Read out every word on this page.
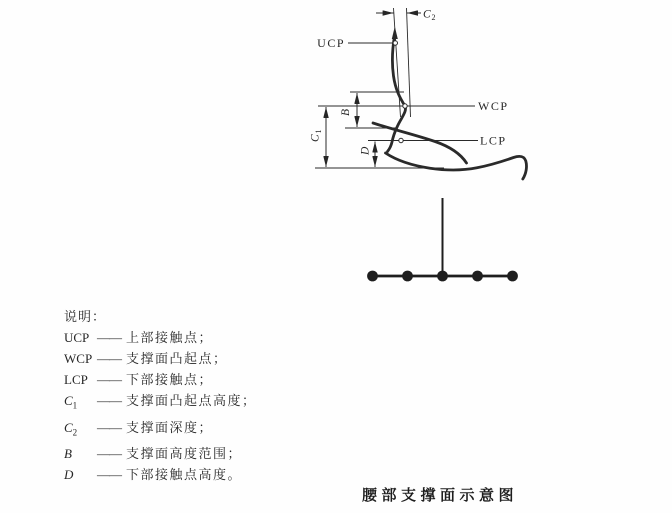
UCP
WCP
LCP
C 2
C
1
B
D
说明：
UCP —— 上部接触点；
WCP —— 支撑面凸起点；
LCP —— 下部接触点；
$C_1$	—— 支撑面凸起点高度；
$C_2$	—— 支撑面深度；
B	—— 支撑面高度范围；
D	—— 下部接触点高度。
腰部支撑面示意图
